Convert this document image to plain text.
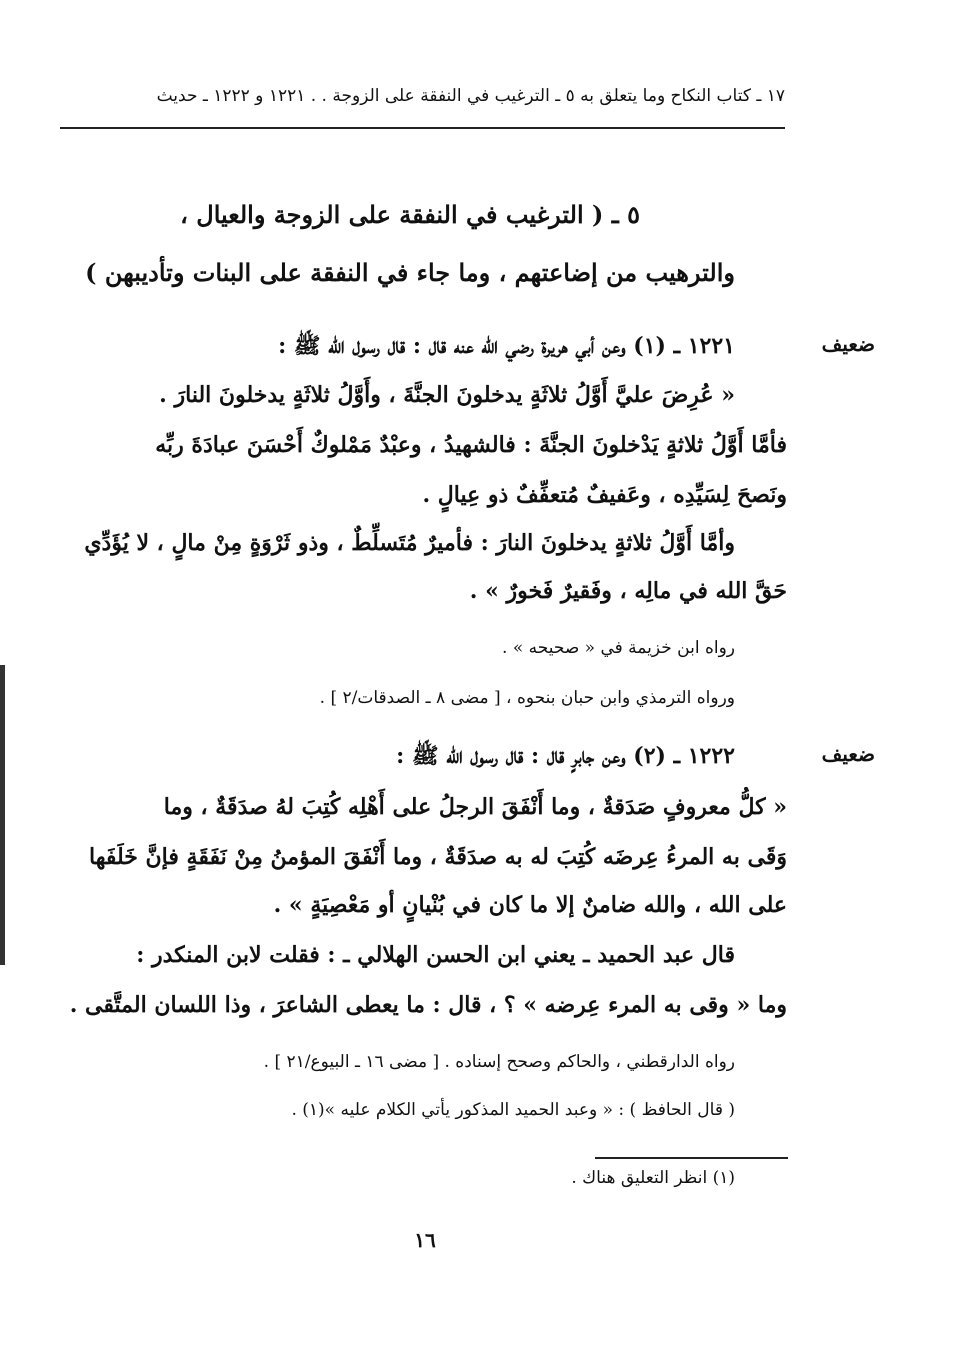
١٧ ـ كتاب النكاح وما يتعلق به ٥ ـ الترغيب في النفقة على الزوجة . . ١٢٢١ و ١٢٢٢ ـ حديث
٥ ـ ( الترغيب في النفقة على الزوجة والعيال ،
والترهيب من إضاعتهم ، وما جاء في النفقة على البنات وتأديبهن )
ضعيف
١٢٢١ ـ (١) وعن أبي هريرة رضي الله عنه قال : قال رسول الله ﷺ :
« عُرِضَ عليَّ أَوَّلُ ثلاثَةٍ يدخلونَ الجنَّةَ ، وأَوَّلُ ثلاثَةٍ يدخلونَ النارَ .
فأمَّا أَوَّلُ ثلاثةٍ يَدْخلونَ الجنَّةَ : فالشهيدُ ، وعبْدٌ مَمْلوكٌ أَحْسَنَ عبادَةَ ربِّه
ونَصحَ لِسَيِّدِه ، وعَفيفٌ مُتعفِّفٌ ذو عِيالٍ .
وأمَّا أَوَّلُ ثلاثةٍ يدخلونَ النارَ : فأميرٌ مُتَسلِّطٌ ، وذو ثَرْوَةٍ مِنْ مالٍ ، لا يُؤَدِّي
حَقَّ الله في مالِه ، وفَقيرٌ فَخورٌ » .
رواه ابن خزيمة في « صحيحه » .
ورواه الترمذي وابن حبان بنحوه ، [ مضى ٨ ـ الصدقات/٢ ] .
ضعيف
١٢٢٢ ـ (٢) وعن جابرٍ قال : قال رسول الله ﷺ :
« كلُّ معروفٍ صَدَقةٌ ، وما أَنْفَقَ الرجلُ على أَهْلِه كُتِبَ لهُ صدَقَةٌ ، وما
وَقَى به المرءُ عِرضَه كُتِبَ له به صدَقَةٌ ، وما أَنْفَقَ المؤمنُ مِنْ نَفَقَةٍ فإنَّ خَلَفَها
على الله ، والله ضامنٌ إلا ما كان في بُنْيانٍ أو مَعْصِيَةٍ » .
قال عبد الحميد ـ يعني ابن الحسن الهلالي ـ : فقلت لابن المنكدر :
وما « وقى به المرء عِرضه » ؟ ، قال : ما يعطى الشاعرَ ، وذا اللسان المتَّقى .
رواه الدارقطني ، والحاكم وصحح إسناده . [ مضى ١٦ ـ البيوع/٢١ ] .
( قال الحافظ ) : « وعبد الحميد المذكور يأتي الكلام عليه »(١) .
(١) انظر التعليق هناك .
١٦
